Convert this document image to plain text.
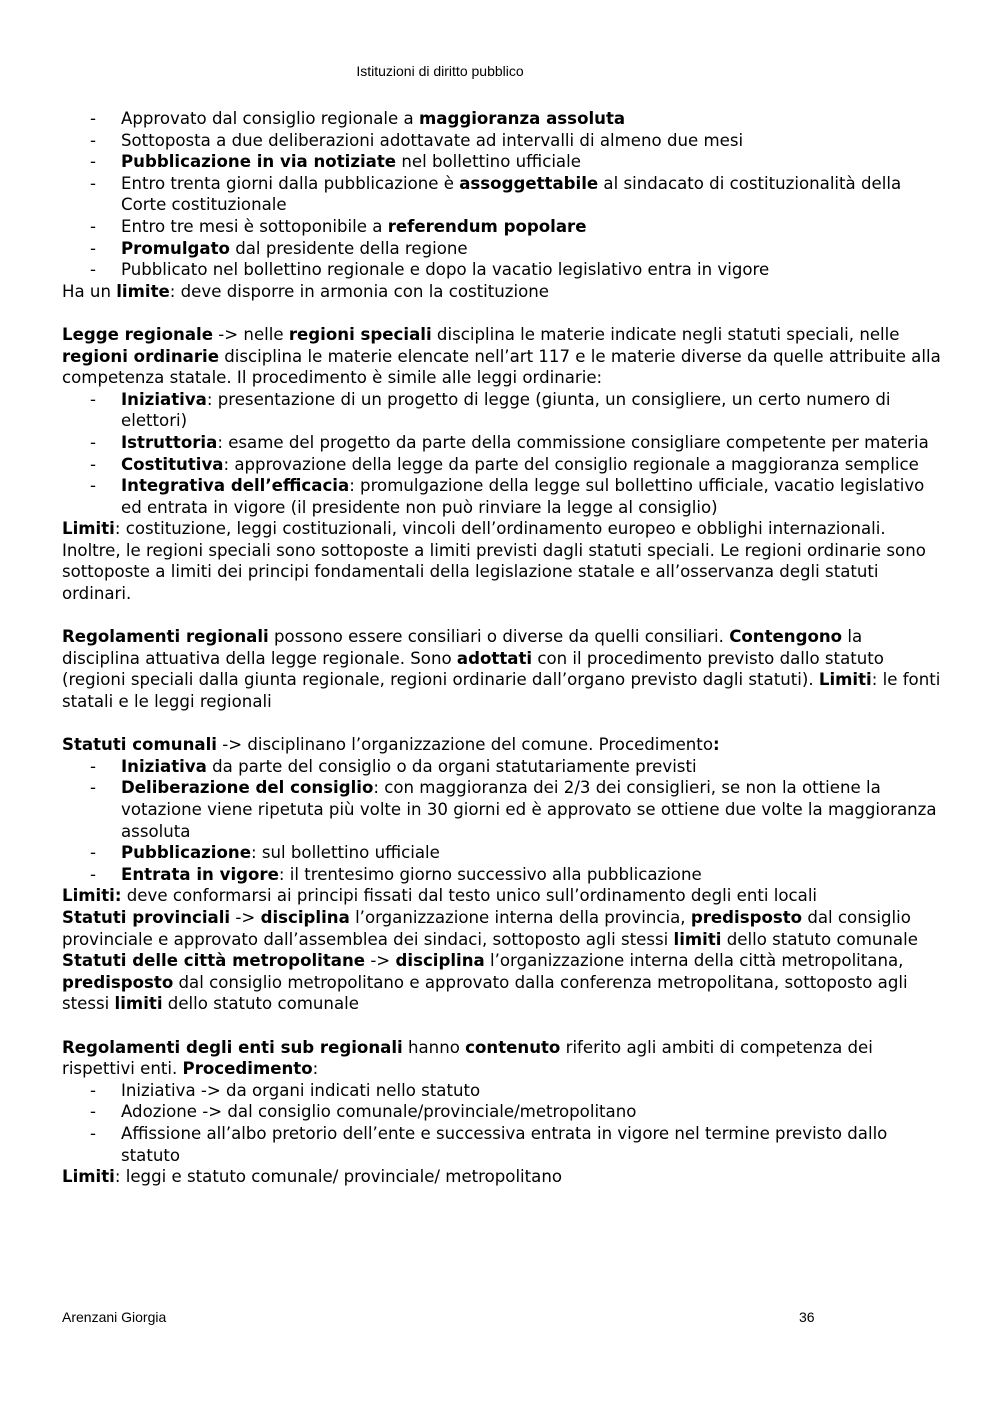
Istituzioni di diritto pubblico
- Approvato dal consiglio regionale a maggioranza assoluta
- Sottoposta a due deliberazioni adottavate ad intervalli di almeno due mesi
- Pubblicazione in via notiziate nel bollettino ufficiale
- Entro trenta giorni dalla pubblicazione è assoggettabile al sindacato di costituzionalità della Corte costituzionale
- Entro tre mesi è sottoponibile a referendum popolare
- Promulgato dal presidente della regione
- Pubblicato nel bollettino regionale e dopo la vacatio legislativo entra in vigore

Ha un limite: deve disporre in armonia con la costituzione

Legge regionale -> nelle regioni speciali disciplina le materie indicate negli statuti speciali, nelle regioni ordinarie disciplina le materie elencate nell’art 117 e le materie diverse da quelle attribuite alla competenza statale. Il procedimento è simile alle leggi ordinarie:

- Iniziativa: presentazione di un progetto di legge (giunta, un consigliere, un certo numero di elettori)
- Istruttoria: esame del progetto da parte della commissione consigliare competente per materia
- Costitutiva: approvazione della legge da parte del consiglio regionale a maggioranza semplice
- Integrativa dell’efficacia: promulgazione della legge sul bollettino ufficiale, vacatio legislativo ed entrata in vigore (il presidente non può rinviare la legge al consiglio)

Limiti: costituzione, leggi costituzionali, vincoli dell’ordinamento europeo e obblighi internazionali. Inoltre, le regioni speciali sono sottoposte a limiti previsti dagli statuti speciali. Le regioni ordinarie sono sottoposte a limiti dei principi fondamentali della legislazione statale e all’osservanza degli statuti ordinari.

Regolamenti regionali possono essere consiliari o diverse da quelli consiliari. Contengono la disciplina attuativa della legge regionale. Sono adottati con il procedimento previsto dallo statuto (regioni speciali dalla giunta regionale, regioni ordinarie dall’organo previsto dagli statuti). Limiti: le fonti statali e le leggi regionali

Statuti comunali -> disciplinano l’organizzazione del comune. Procedimento:

- Iniziativa da parte del consiglio o da organi statutariamente previsti
- Deliberazione del consiglio: con maggioranza dei 2/3 dei consiglieri, se non la ottiene la votazione viene ripetuta più volte in 30 giorni ed è approvato se ottiene due volte la maggioranza assoluta
- Pubblicazione: sul bollettino ufficiale
- Entrata in vigore: il trentesimo giorno successivo alla pubblicazione

Limiti: deve conformarsi ai principi fissati dal testo unico sull’ordinamento degli enti locali

Statuti provinciali -> disciplina l’organizzazione interna della provincia, predisposto dal consiglio provinciale e approvato dall’assemblea dei sindaci, sottoposto agli stessi limiti dello statuto comunale

Statuti delle città metropolitane -> disciplina l’organizzazione interna della città metropolitana, predisposto dal consiglio metropolitano e approvato dalla conferenza metropolitana, sottoposto agli stessi limiti dello statuto comunale

Regolamenti degli enti sub regionali hanno contenuto riferito agli ambiti di competenza dei rispettivi enti. Procedimento:

- Iniziativa -> da organi indicati nello statuto
- Adozione -> dal consiglio comunale/provinciale/metropolitano
- Affissione all’albo pretorio dell’ente e successiva entrata in vigore nel termine previsto dallo statuto

Limiti: leggi e statuto comunale/ provinciale/ metropolitano

Arenzani Giorgia	36
